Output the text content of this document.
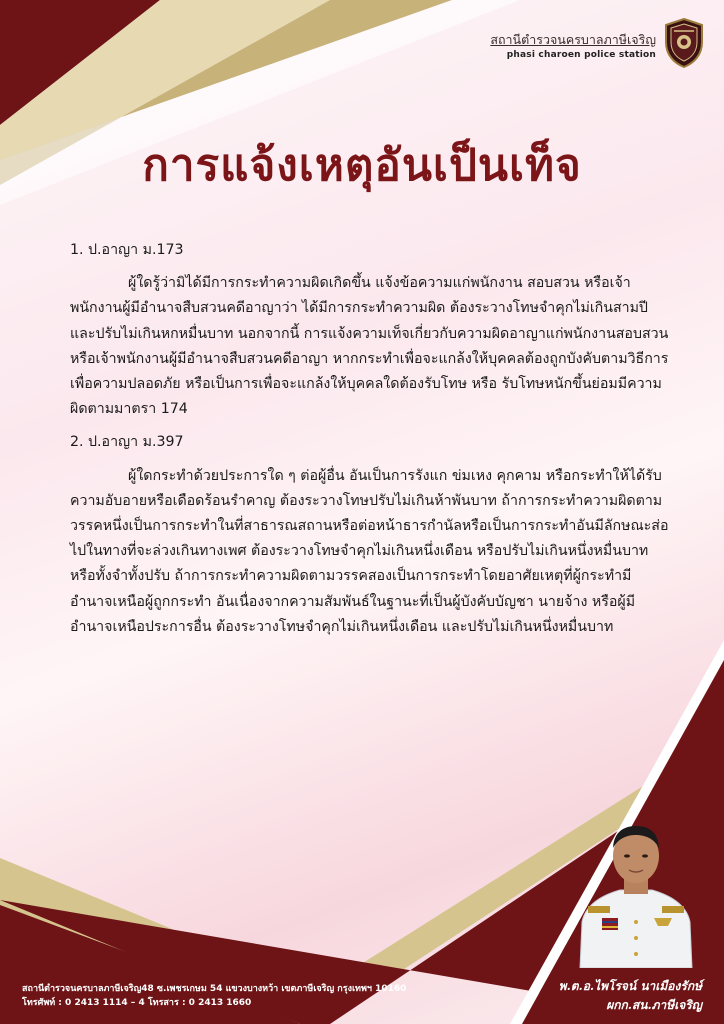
สถานีตำรวจนครบาลภาษีเจริญ
phasi charoen police station
การแจ้งเหตุอันเป็นเท็จ
1. ป.อาญา ม.173
ผู้ใดรู้ว่ามิได้มีการกระทำความผิดเกิดขึ้น แจ้งข้อความแก่พนักงาน สอบสวน หรือเจ้าพนักงานผู้มีอำนาจสืบสวนคดีอาญาว่า ได้มีการกระทำความผิด ต้องระวางโทษจำคุกไม่เกินสามปี และปรับไม่เกินหกหมื่นบาท นอกจากนี้ การแจ้งความเท็จเกี่ยวกับความผิดอาญาแก่พนักงานสอบสวนหรือเจ้าพนักงานผู้มีอำนาจสืบสวนคดีอาญา หากกระทำเพื่อจะแกล้งให้บุคคลต้องถูกบังคับตามวิธีการเพื่อความปลอดภัย หรือเป็นการเพื่อจะแกล้งให้บุคคลใดต้องรับโทษ หรือ รับโทษหนักขึ้นย่อมมีความผิดตามมาตรา 174
2. ป.อาญา ม.397
ผู้ใดกระทำด้วยประการใด ๆ ต่อผู้อื่น อันเป็นการรังแก ข่มเหง คุกคาม หรือกระทำให้ได้รับความอับอายหรือเดือดร้อนรำคาญ ต้องระวางโทษปรับไม่เกินห้าพันบาท ถ้าการกระทำความผิดตามวรรคหนึ่งเป็นการกระทำในที่สาธารณสถานหรือต่อหน้าธารกำนัลหรือเป็นการกระทำอันมีลักษณะส่อไปในทางที่จะล่วงเกินทางเพศ ต้องระวางโทษจำคุกไม่เกินหนึ่งเดือน หรือปรับไม่เกินหนึ่งหมื่นบาท หรือทั้งจำทั้งปรับ ถ้าการกระทำความผิดตามวรรคสองเป็นการกระทำโดยอาศัยเหตุที่ผู้กระทำมีอำนาจเหนือผู้ถูกกระทำ อันเนื่องจากความสัมพันธ์ในฐานะที่เป็นผู้บังคับบัญชา นายจ้าง หรือผู้มีอำนาจเหนือประการอื่น ต้องระวางโทษจำคุกไม่เกินหนึ่งเดือน และปรับไม่เกินหนึ่งหมื่นบาท
สถานีตำรวจนครบาลภาษีเจริญ48 ซ.เพชรเกษม 54 แขวงบางหว้า เขตภาษีเจริญ กรุงเทพฯ 10160
โทรศัพท์ : 0 2413 1114 – 4 โทรสาร : 0 2413 1660
พ.ต.อ.ไพโรจน์ นาเมืองรักษ์
ผกก.สน.ภาษีเจริญ
